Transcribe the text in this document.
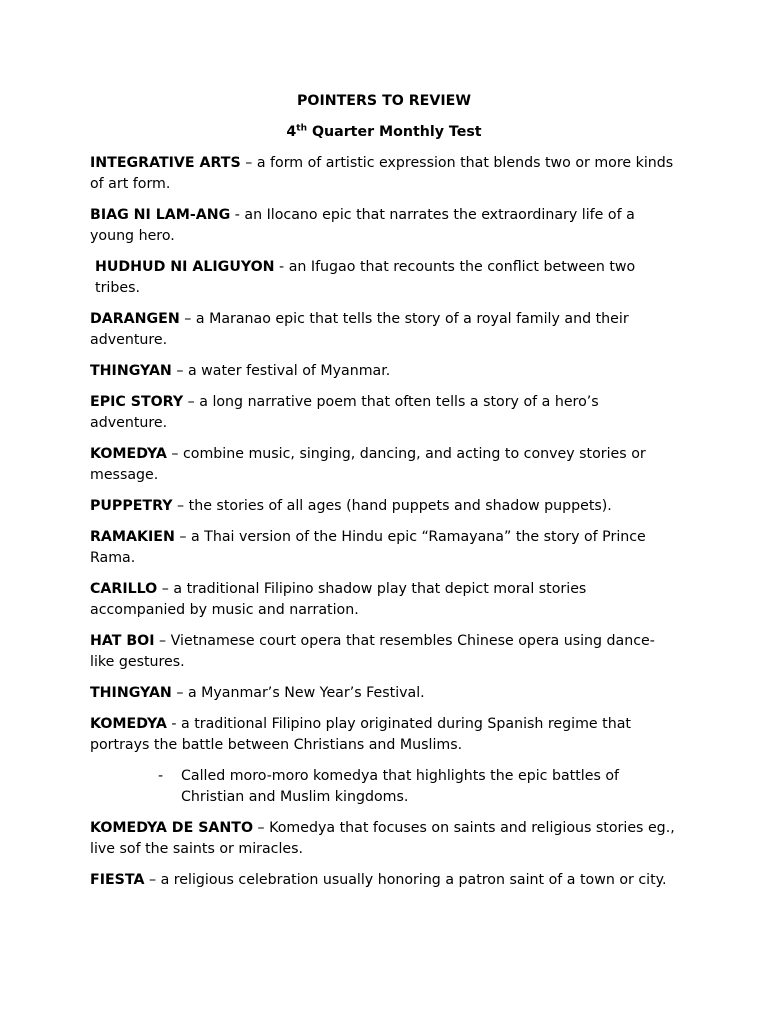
POINTERS TO REVIEW
4th Quarter Monthly Test
INTEGRATIVE ARTS – a form of artistic expression that blends two or more kinds of art form.
BIAG NI LAM-ANG - an Ilocano epic that narrates the extraordinary life of a young hero.
HUDHUD NI ALIGUYON - an Ifugao that recounts the conflict between two tribes.
DARANGEN – a Maranao epic that tells the story of a royal family and their adventure.
THINGYAN – a water festival of Myanmar.
EPIC STORY – a long narrative poem that often tells a story of a hero’s adventure.
KOMEDYA – combine music, singing, dancing, and acting to convey stories or message.
PUPPETRY – the stories of all ages (hand puppets and shadow puppets).
RAMAKIEN – a Thai version of the Hindu epic “Ramayana” the story of Prince Rama.
CARILLO – a traditional Filipino shadow play that depict moral stories accompanied by music and narration.
HAT BOI – Vietnamese court opera that resembles Chinese opera using dance-like gestures.
THINGYAN – a Myanmar’s New Year’s Festival.
KOMEDYA - a traditional Filipino play originated during Spanish regime that portrays the battle between Christians and Muslims.
- Called moro-moro komedya that highlights the epic battles of Christian and Muslim kingdoms.
KOMEDYA DE SANTO – Komedya that focuses on saints and religious stories eg., live sof the saints or miracles.
FIESTA – a religious celebration usually honoring a patron saint of a town or city.
